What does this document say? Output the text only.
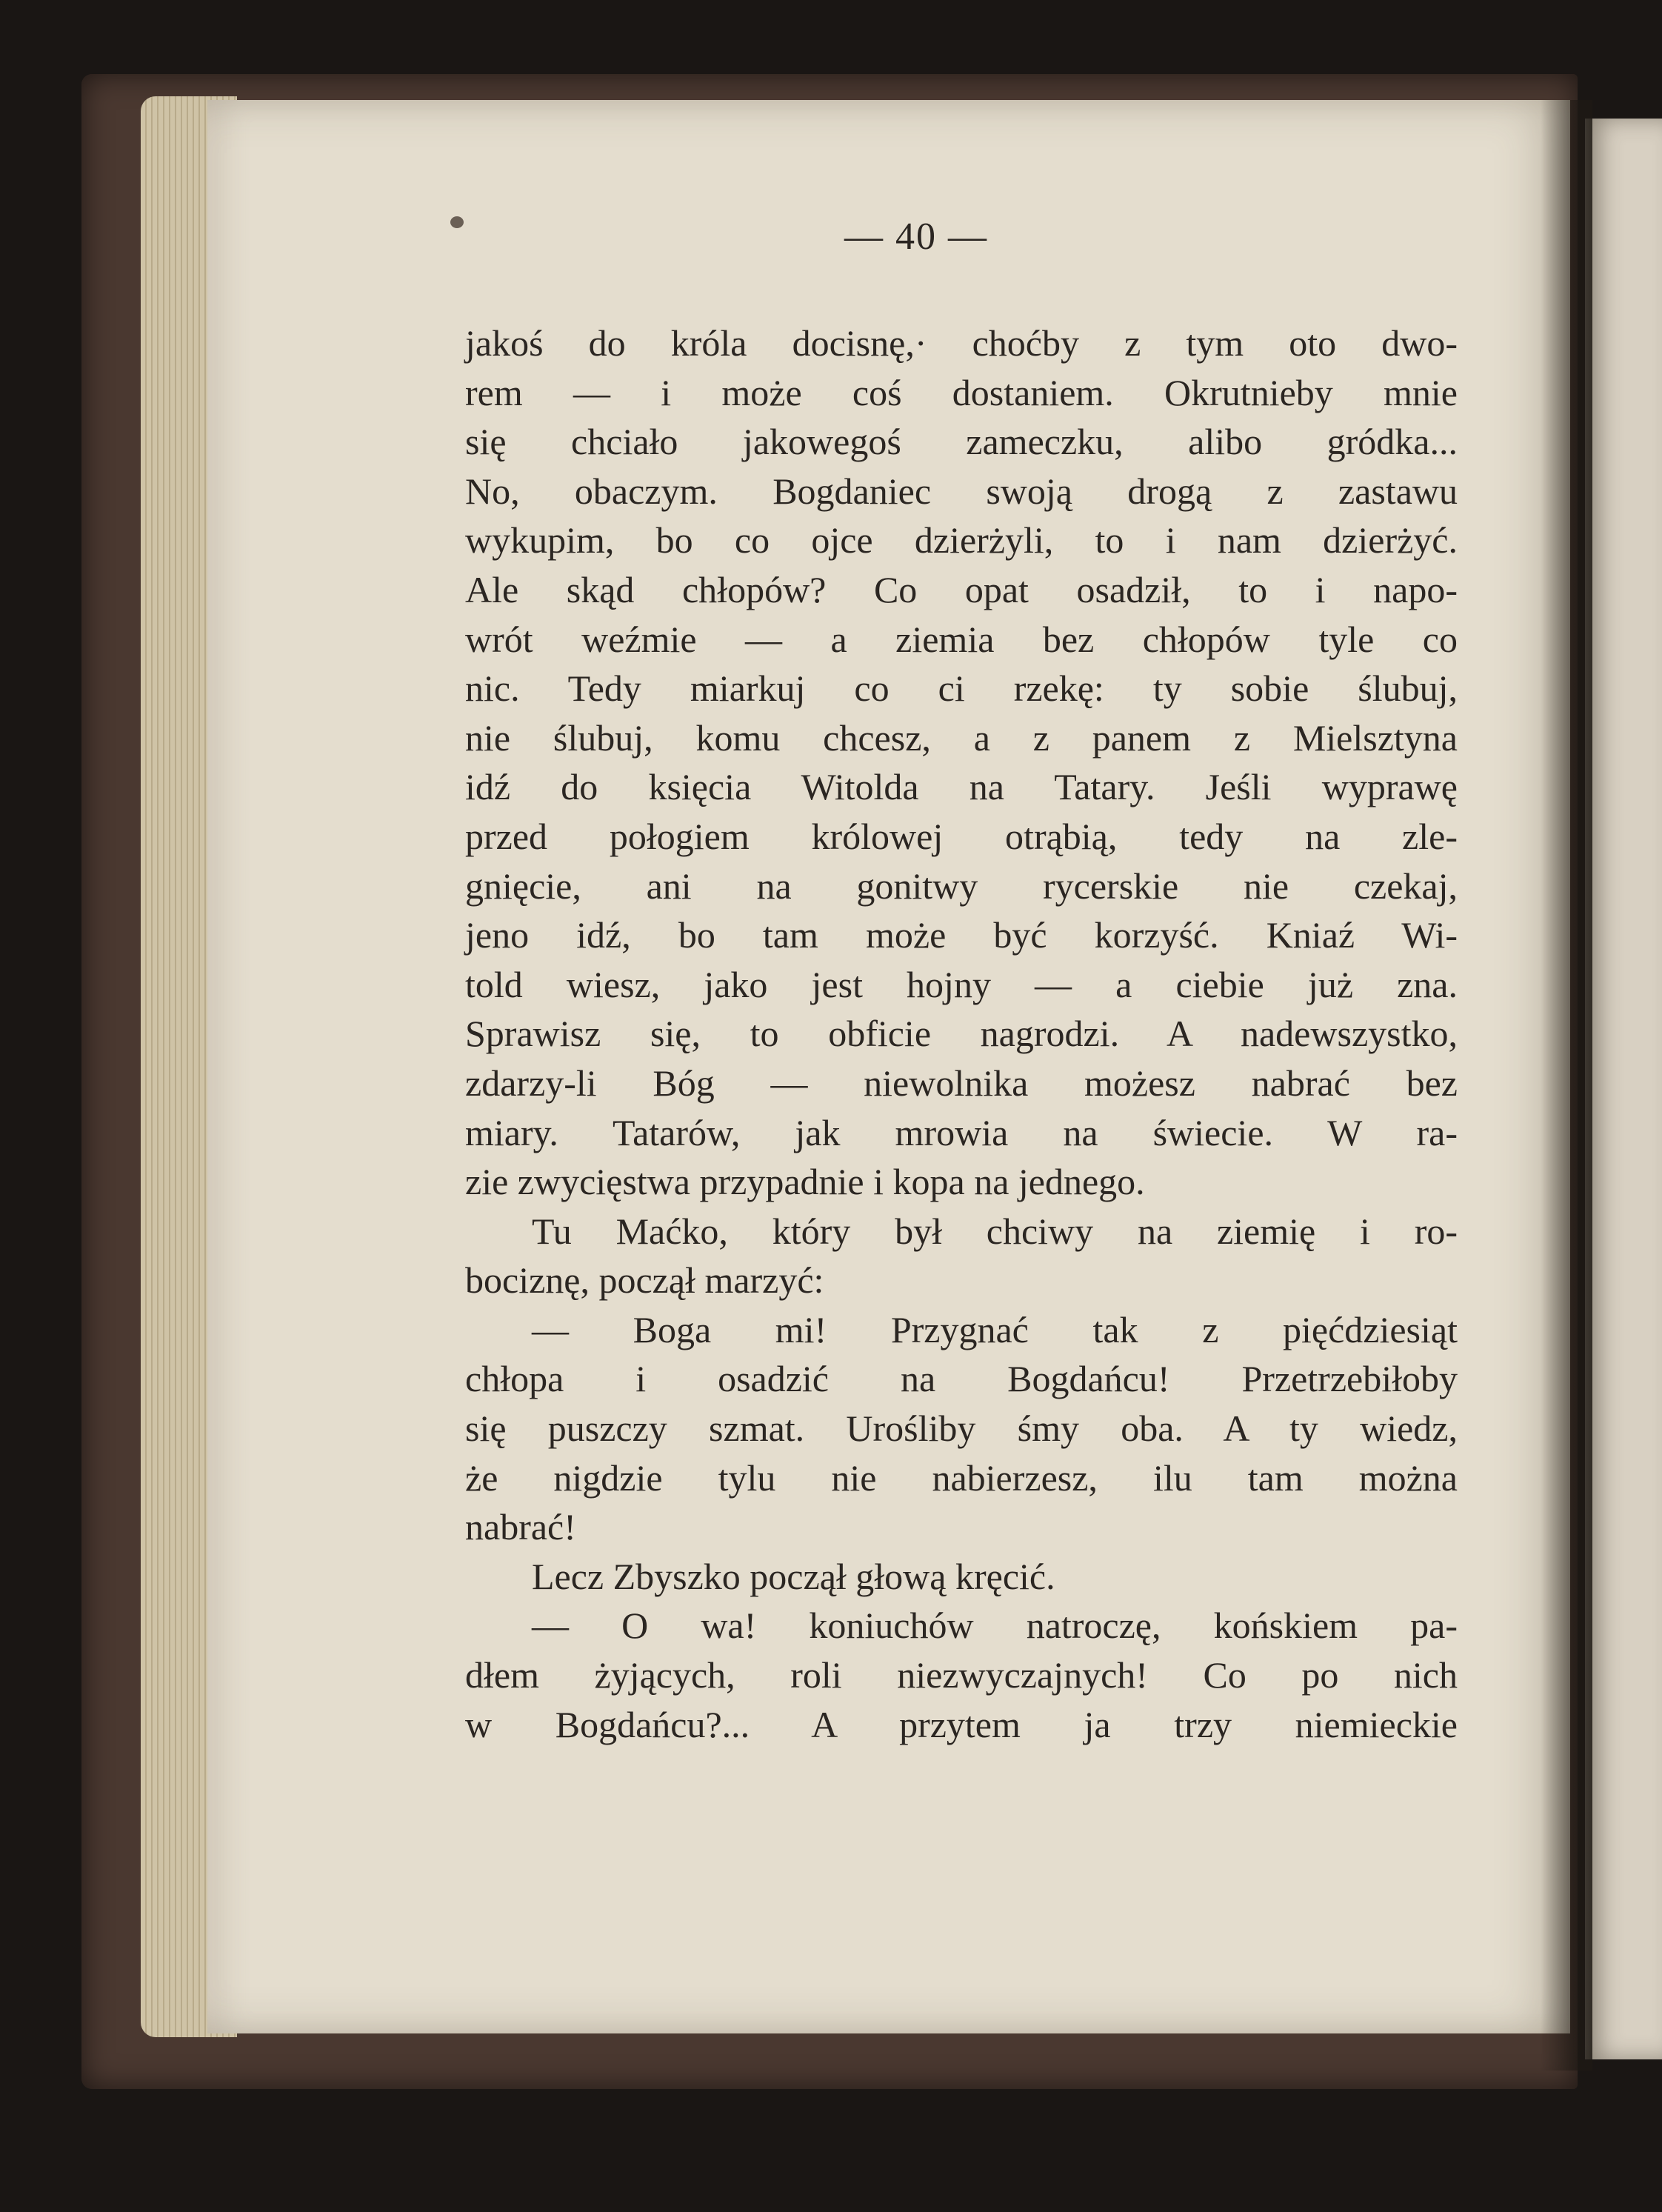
— 40 —
jakoś do króla docisnę,· choćby z tym oto dwo-
rem — i może coś dostaniem. Okrutnieby mnie
się chciało jakowegoś zameczku, alibo gródka...
No, obaczym. Bogdaniec swoją drogą z zastawu
wykupim, bo co ojce dzierżyli, to i nam dzierżyć.
Ale skąd chłopów? Co opat osadził, to i napo-
wrót weźmie — a ziemia bez chłopów tyle co
nic. Tedy miarkuj co ci rzekę: ty sobie ślubuj,
nie ślubuj, komu chcesz, a z panem z Mielsztyna
idź do księcia Witolda na Tatary. Jeśli wyprawę
przed połogiem królowej otrąbią, tedy na zle-
gnięcie, ani na gonitwy rycerskie nie czekaj,
jeno idź, bo tam może być korzyść. Kniaź Wi-
told wiesz, jako jest hojny — a ciebie już zna.
Sprawisz się, to obficie nagrodzi. A nadewszystko,
zdarzy-li Bóg — niewolnika możesz nabrać bez
miary. Tatarów, jak mrowia na świecie. W ra-
zie zwycięstwa przypadnie i kopa na jednego.
Tu Maćko, który był chciwy na ziemię i ro-
bociznę, począł marzyć:
— Boga mi! Przygnać tak z pięćdziesiąt
chłopa i osadzić na Bogdańcu! Przetrzebiłoby
się puszczy szmat. Urośliby śmy oba. A ty wiedz,
że nigdzie tylu nie nabierzesz, ilu tam można
nabrać!
Lecz Zbyszko począł głową kręcić.
— O wa! koniuchów natroczę, końskiem pa-
dłem żyjących, roli niezwyczajnych! Co po nich
w Bogdańcu?... A przytem ja trzy niemieckie
